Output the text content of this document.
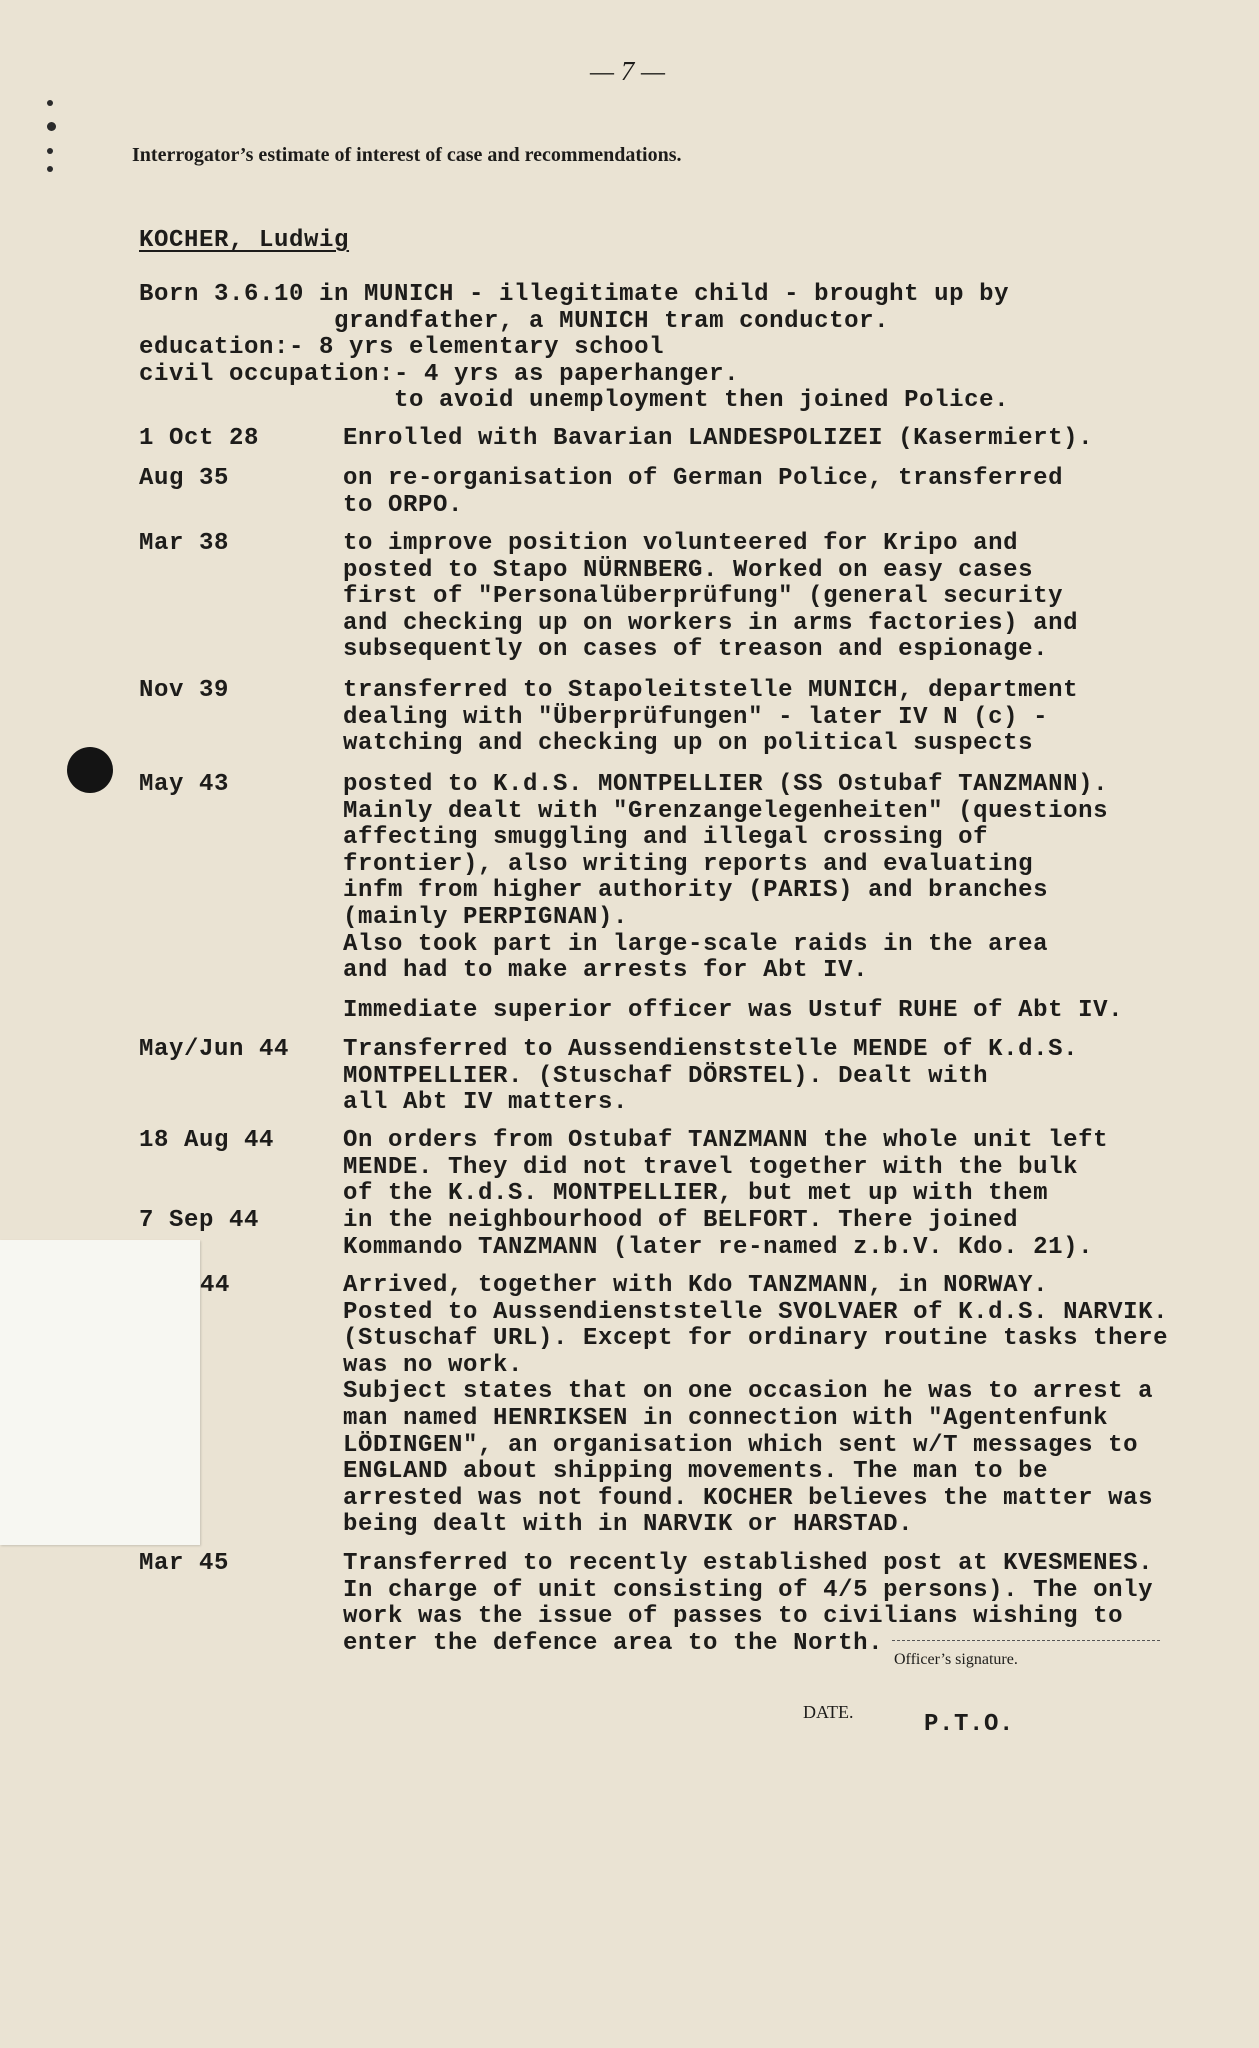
— 7 —
Interrogator’s estimate of interest of case and recommendations.
KOCHER, Ludwig
Born 3.6.10 in MUNICH - illegitimate child - brought up by
grandfather, a MUNICH tram conductor.
education:- 8 yrs elementary school
civil occupation:- 4 yrs as paperhanger.
to avoid unemployment then joined Police.
1 Oct 28	Enrolled with Bavarian LANDESPOLIZEI (Kasermiert).
Aug 35	on re-organisation of German Police, transferred
to ORPO.
Mar 38	to improve position volunteered for Kripo and
posted to Stapo NÜRNBERG. Worked on easy cases
first of "Personalüberprüfung" (general security
and checking up on workers in arms factories) and
subsequently on cases of treason and espionage.
Nov 39	transferred to Stapoleitstelle MUNICH, department
dealing with "Überprüfungen" - later IV N (c) -
watching and checking up on political suspects
May 43	posted to K.d.S. MONTPELLIER (SS Ostubaf TANZMANN).
Mainly dealt with "Grenzangelegenheiten" (questions
affecting smuggling and illegal crossing of
frontier), also writing reports and evaluating
infm from higher authority (PARIS) and branches
(mainly PERPIGNAN).
Also took part in large-scale raids in the area
and had to make arrests for Abt IV.
Immediate superior officer was Ustuf RUHE of Abt IV.
May/Jun 44 Transferred to Aussendienststelle MENDE of K.d.S.
MONTPELLIER. (Stuschaf DÖRSTEL). Dealt with
all Abt IV matters.
18 Aug 44	On orders from Ostubaf TANZMANN the whole unit left
MENDE. They did not travel together with the bulk
of the K.d.S. MONTPELLIER, but met up with them
7 Sep 44	in the neighbourhood of BELFORT. There joined
Kommando TANZMANN (later re-named z.b.V. Kdo. 21).
44	Arrived, together with Kdo TANZMANN, in NORWAY.
Posted to Aussendienststelle SVOLVAER of K.d.S. NARVIK.
(Stuschaf URL). Except for ordinary routine tasks there
was no work.
Subject states that on one occasion he was to arrest a
man named HENRIKSEN in connection with "Agentenfunk
LÖDINGEN", an organisation which sent w/T messages to
ENGLAND about shipping movements. The man to be
arrested was not found. KOCHER believes the matter was
being dealt with in NARVIK or HARSTAD.
Mar 45	Transferred to recently established post at KVESMENES.
In charge of unit consisting of 4/5 persons). The only
work was the issue of passes to civilians wishing to
enter the defence area to the North.
Officer’s signature.
DATE.	P.T.O.
